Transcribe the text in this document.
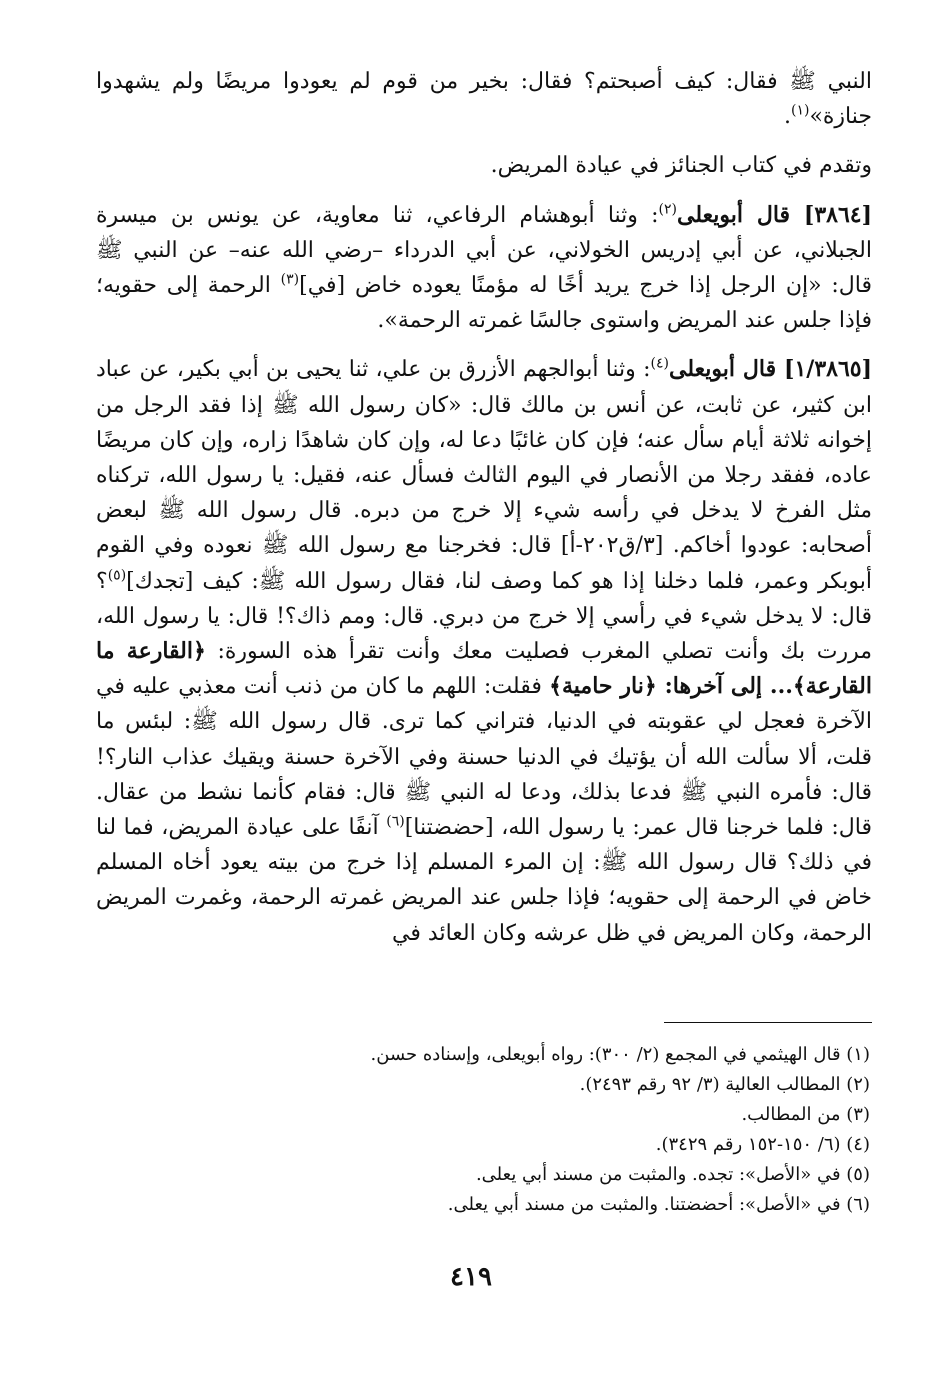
النبي ﷺ فقال: كيف أصبحتم؟ فقال: بخير من قوم لم يعودوا مريضًا ولم يشهدوا جنازة»$^{(١)}$.

وتقدم في كتاب الجنائز في عيادة المريض.

[٣٨٦٤] قال أبويعلى$^{(٢)}$: وثنا أبوهشام الرفاعي، ثنا معاوية، عن يونس بن ميسرة الجبلاني، عن أبي إدريس الخولاني، عن أبي الدرداء –رضي الله عنه– عن النبي ﷺ قال: «إن الرجل إذا خرج يريد أخًا له مؤمنًا يعوده خاض [في]$^{(٣)}$ الرحمة إلى حقويه؛ فإذا جلس عند المريض واستوى جالسًا غمرته الرحمة».

[١/٣٨٦٥] قال أبويعلى$^{(٤)}$: وثنا أبوالجهم الأزرق بن علي، ثنا يحيى بن أبي بكير، عن عباد ابن كثير، عن ثابت، عن أنس بن مالك قال: «كان رسول الله ﷺ إذا فقد الرجل من إخوانه ثلاثة أيام سأل عنه؛ فإن كان غائبًا دعا له، وإن كان شاهدًا زاره، وإن كان مريضًا عاده، ففقد رجلا من الأنصار في اليوم الثالث فسأل عنه، فقيل: يا رسول الله، تركناه مثل الفرخ لا يدخل في رأسه شيء إلا خرج من دبره. قال رسول الله ﷺ لبعض أصحابه: عودوا أخاكم. [٣/ق٢٠٢-أ] قال: فخرجنا مع رسول الله ﷺ نعوده وفي القوم أبوبكر وعمر، فلما دخلنا إذا هو كما وصف لنا، فقال رسول الله ﷺ: كيف [تجدك]$^{(٥)}$؟ قال: لا يدخل شيء في رأسي إلا خرج من دبري. قال: ومم ذاك؟! قال: يا رسول الله، مررت بك وأنت تصلي المغرب فصليت معك وأنت تقرأ هذه السورة: ﴿القارعة ما القارعة﴾... إلى آخرها: ﴿نار حامية﴾ فقلت: اللهم ما كان من ذنب أنت معذبي عليه في الآخرة فعجل لي عقوبته في الدنيا، فتراني كما ترى. قال رسول الله ﷺ: لبئس ما قلت، ألا سألت الله أن يؤتيك في الدنيا حسنة وفي الآخرة حسنة ويقيك عذاب النار؟! قال: فأمره النبي ﷺ فدعا بذلك، ودعا له النبي ﷺ قال: فقام كأنما نشط من عقال. قال: فلما خرجنا قال عمر: يا رسول الله، [حضضتنا]$^{(٦)}$ آنفًا على عيادة المريض، فما لنا في ذلك؟ قال رسول الله ﷺ: إن المرء المسلم إذا خرج من بيته يعود أخاه المسلم خاض في الرحمة إلى حقويه؛ فإذا جلس عند المريض غمرته الرحمة، وغمرت المريض الرحمة، وكان المريض في ظل عرشه وكان العائد في

(١) قال الهيثمي في المجمع (٢/ ٣٠٠): رواه أبويعلى، وإسناده حسن.

(٢) المطالب العالية (٣/ ٩٢ رقم ٢٤٩٣).

(٣) من المطالب.

(٤) (٦/ ١٥٠-١٥٢ رقم ٣٤٢٩).

(٥) في «الأصل»: تجده. والمثبت من مسند أبي يعلى.

(٦) في «الأصل»: أحضضتنا. والمثبت من مسند أبي يعلى.

٤١٩
